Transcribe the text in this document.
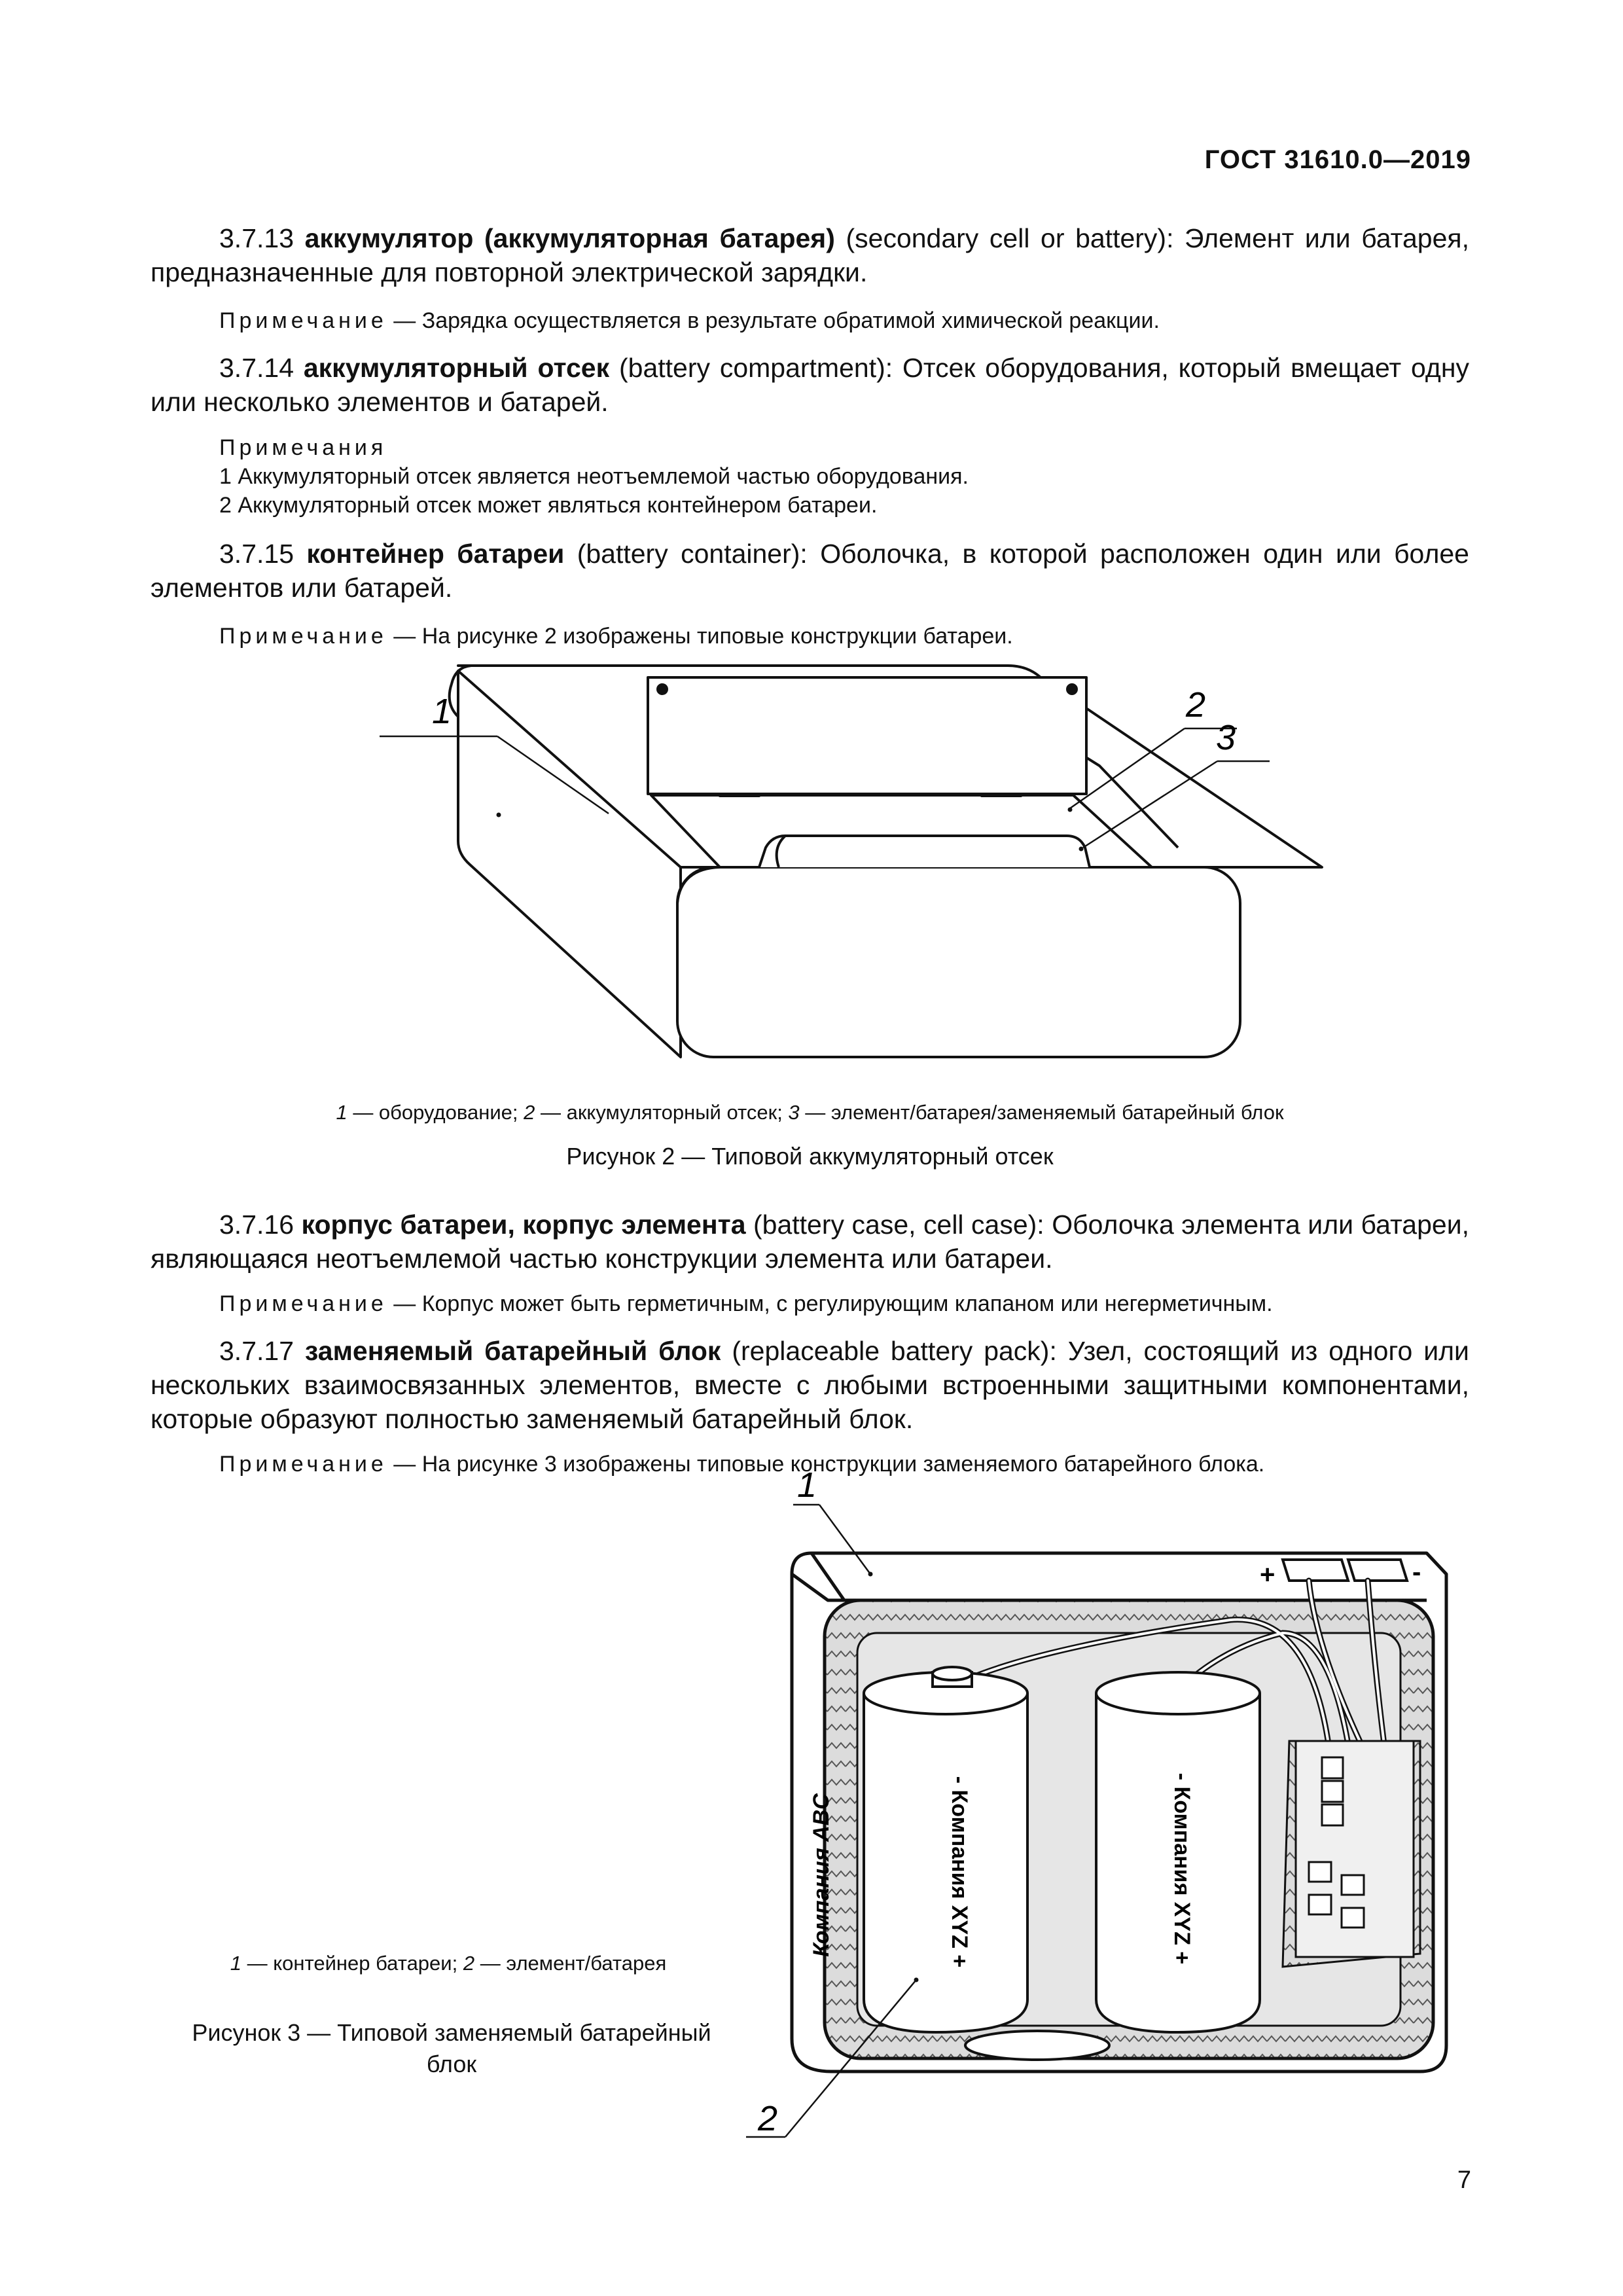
ГОСТ 31610.0—2019
3.7.13 аккумулятор (аккумуляторная батарея) (secondary cell or battery): Элемент или батарея, предназначенные для повторной электрической зарядки.
Примечание — Зарядка осуществляется в результате обратимой химической реакции.
3.7.14 аккумуляторный отсек (battery compartment): Отсек оборудования, который вмещает одну или несколько элементов и батарей.
Примечания
1 Аккумуляторный отсек является неотъемлемой частью оборудования.
2 Аккумуляторный отсек может являться контейнером батареи.
3.7.15 контейнер батареи (battery container): Оболочка, в которой расположен один или более элементов или батарей.
Примечание — На рисунке 2 изображены типовые конструкции батареи.
1	2
3
1 — оборудование; 2 — аккумуляторный отсек; 3 — элемент/батарея/заменяемый батарейный блок
Рисунок 2 — Типовой аккумуляторный отсек
3.7.16 корпус батареи, корпус элемента (battery case, cell case): Оболочка элемента или батареи, являющаяся неотъемлемой частью конструкции элемента или батареи.
Примечание — Корпус может быть герметичным, с регулирующим клапаном или негерметичным.
3.7.17 заменяемый батарейный блок (replaceable battery pack): Узел, состоящий из одного или нескольких взаимосвязанных элементов, вместе с любыми встроенными защитными компонентами, которые образуют полностью заменяемый батарейный блок.
Примечание — На рисунке 3 изображены типовые конструкции заменяемого батарейного блока.
+	-
Компания ABC	- Компания XYZ +	- Компания XYZ +
1
2
1 — контейнер батареи; 2 — элемент/батарея
Рисунок 3 — Типовой заменяемый батарейный
блок
7
